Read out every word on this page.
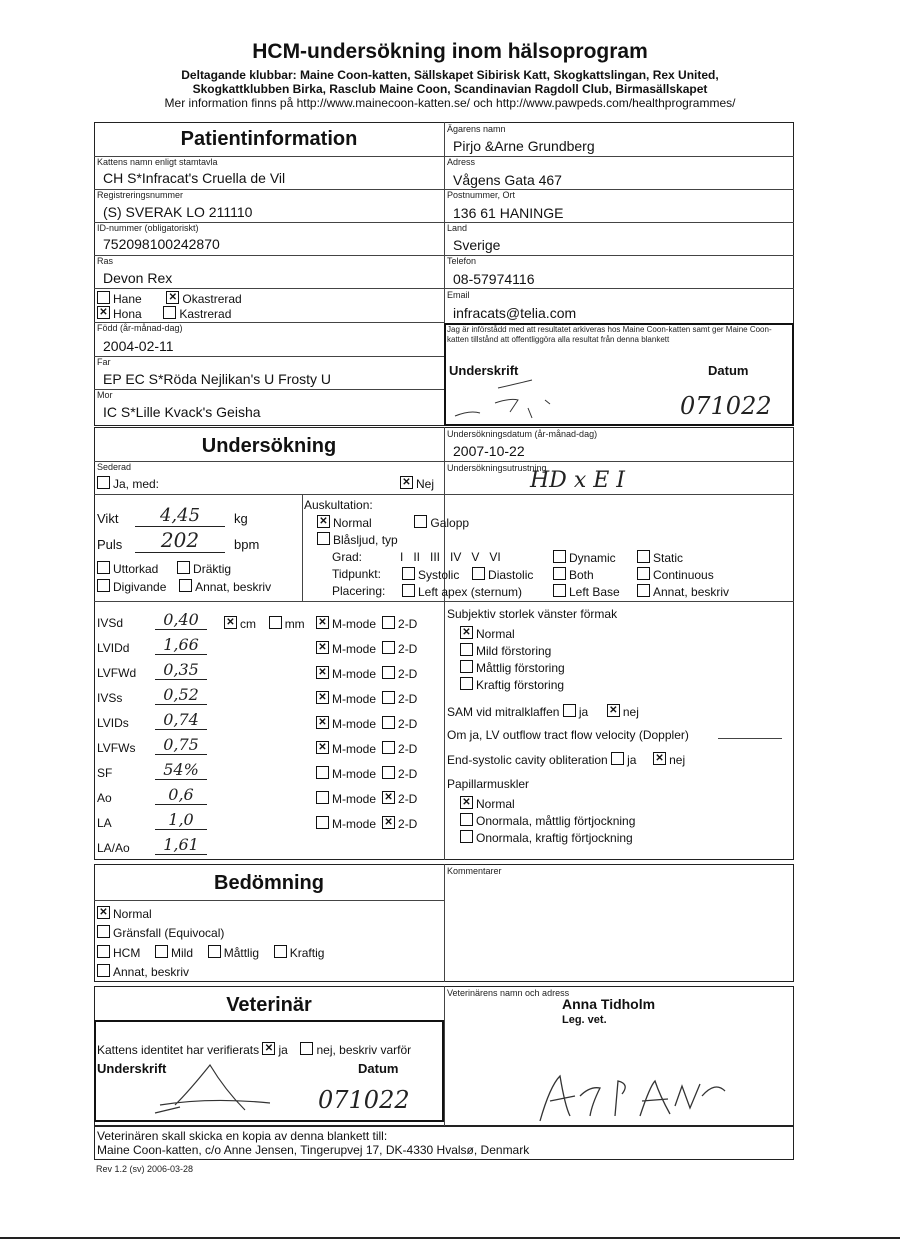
HCM-undersökning inom hälsoprogram
Deltagande klubbar: Maine Coon-katten, Sällskapet Sibirisk Katt, Skogkattslingan, Rex United,
Skogkattklubben Birka, Rasclub Maine Coon, Scandinavian Ragdoll Club, Birmasällskapet
Mer information finns på http://www.mainecoon-katten.se/ och http://www.pawpeds.com/healthprogrammes/
Patientinformation
Kattens namn enligt stamtavla
CH S*Infracat's Cruella de Vil
Registreringsnummer
(S) SVERAK LO 211110
ID-nummer (obligatoriskt)
752098100242870
Ras
Devon Rex
Hane ✕	Okastrerad
✕Hona	Kastrerad
Född (år-månad-dag)
2004-02-11
Far
EP EC S*Röda Nejlikan's U Frosty U
Mor
IC S*Lille Kvack's Geisha
Ägarens namn
Pirjo &Arne Grundberg
Adress
Vågens Gata 467
Postnummer, Ort
136 61 HANINGE
Land
Sverige
Telefon
08-57974116
Email
infracats@telia.com
Jag är införstådd med att resultatet arkiveras hos Maine Coon-katten samt ger Maine Coon-katten tillstånd att offentliggöra alla resultat från denna blankett
Underskrift	Datum
071022
Undersökning
Undersökningsdatum (år-månad-dag)
2007-10-22
Sederad
Ja, med: ✕	Nej
Undersökningsutrustning
HD x E I
Vikt	4,45	kg
Puls	202	bpm
Uttorkad	Dräktig
Digivande Annat, beskriv
Auskultation:
✕Normal	Galopp
Blåsljud, typ
Grad:	I   II   III   IV   V   VI	Dynamic	Static
Tidpunkt:	Systolic Diastolic	Both	Continuous
Placering:	Left apex (sternum)	Left Base	Annat, beskriv
IVSd	0,40 ✕	M-mode 2-D
LVIDd	1,66 ✕	M-mode 2-D
LVFWd	0,35 ✕	M-mode 2-D
IVSs	0,52 ✕	M-mode 2-D
LVIDs	0,74 ✕	M-mode 2-D
LVFWs	0,75 ✕	M-mode 2-D
SF	54%	M-mode 2-D
Ao	0,6	M-mode ✕ 2-D
LA	1,0	M-mode ✕ 2-D
LA/Ao	1,61
✕cm mm
Subjektiv storlek vänster förmak
✕Normal
Mild förstoring
Måttlig förstoring
Kraftig förstoring
SAM vid mitralklaffen ja ✕	nej
Om ja, LV outflow tract flow velocity (Doppler)
End-systolic cavity obliteration ja ✕	nej
Papillarmuskler
✕Normal
Onormala, måttlig förtjockning
Onormala, kraftig förtjockning
Bedömning
✕Normal
Gränsfall (Equivocal)
HCM	Mild	Måttlig	Kraftig
Annat, beskriv
Kommentarer
Veterinär
Kattens identitet har verifierats ✕ ja nej, beskriv varför
Underskrift	Datum
071022
Veterinärens namn och adress
Anna Tidholm
Leg. vet.
Veterinären skall skicka en kopia av denna blankett till:
Maine Coon-katten, c/o Anne Jensen, Tingerupvej 17, DK-4330 Hvalsø, Denmark
Rev 1.2 (sv) 2006-03-28
